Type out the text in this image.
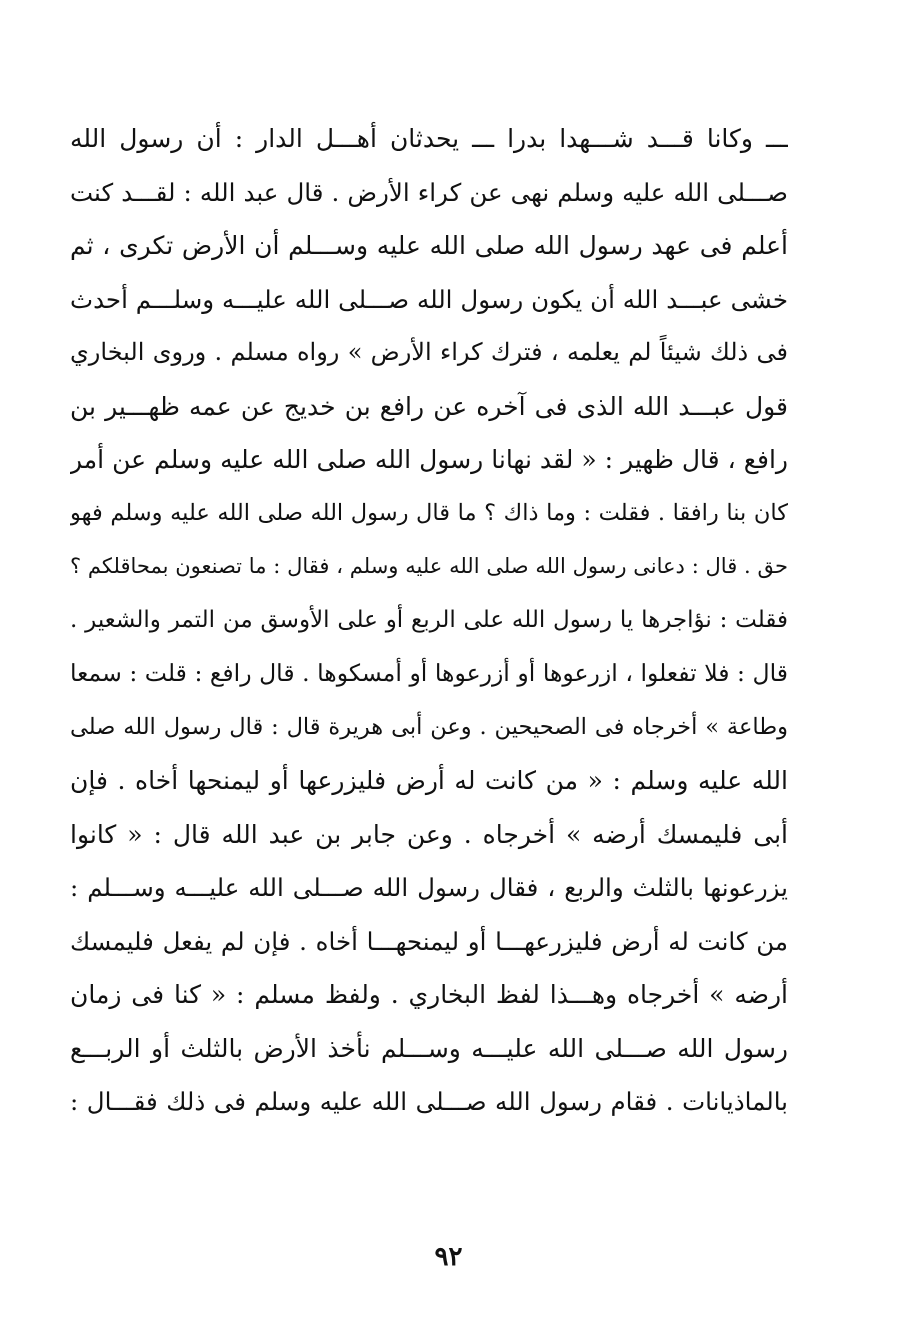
ـــ وكانا قـــد شـــهدا بدرا ـــ يحدثان أهـــل الدار : أن رسول الله
صـــلى الله عليه وسلم نهى عن كراء الأرض . قال عبد الله : لقـــد كنت
أعلم فى عهد رسول الله صلى الله عليه وســـلم أن الأرض تكرى ، ثم
خشى عبـــد الله أن يكون رسول الله صـــلى الله عليـــه وسلـــم أحدث
فى ذلك شيئاً لم يعلمه ، فترك كراء الأرض » رواه مسلم . وروى البخاري
قول عبـــد الله الذى فى آخره عن رافع بن خديج عن عمه ظهـــير بن
رافع ، قال ظهير : « لقد نهانا رسول الله صلى الله عليه وسلم عن أمر
كان بنا رافقا . فقلت : وما ذاك ؟ ما قال رسول الله صلى الله عليه وسلم فهو
حق . قال : دعانى رسول الله صلى الله عليه وسلم ، فقال : ما تصنعون بمحاقلكم ؟
فقلت : نؤاجرها يا رسول الله على الربع أو على الأوسق من التمر والشعير .
قال : فلا تفعلوا ، ازرعوها أو أزرعوها أو أمسكوها . قال رافع : قلت : سمعا
وطاعة » أخرجاه فى الصحيحين . وعن أبى هريرة قال : قال رسول الله صلى
الله عليه وسلم : « من كانت له أرض فليزرعها أو ليمنحها أخاه . فإن
أبى فليمسك أرضه » أخرجاه . وعن جابر بن عبد الله قال : « كانوا
يزرعونها بالثلث والربع ، فقال رسول الله صـــلى الله عليـــه وســـلم :
من كانت له أرض فليزرعهـــا أو ليمنحهـــا أخاه . فإن لم يفعل فليمسك
أرضه » أخرجاه وهـــذا لفظ البخاري . ولفظ مسلم : « كنا فى زمان
رسول الله صـــلى الله عليـــه وســـلم نأخذ الأرض بالثلث أو الربـــع
بالماذيانات . فقام رسول الله صـــلى الله عليه وسلم فى ذلك فقـــال :
٩٢
